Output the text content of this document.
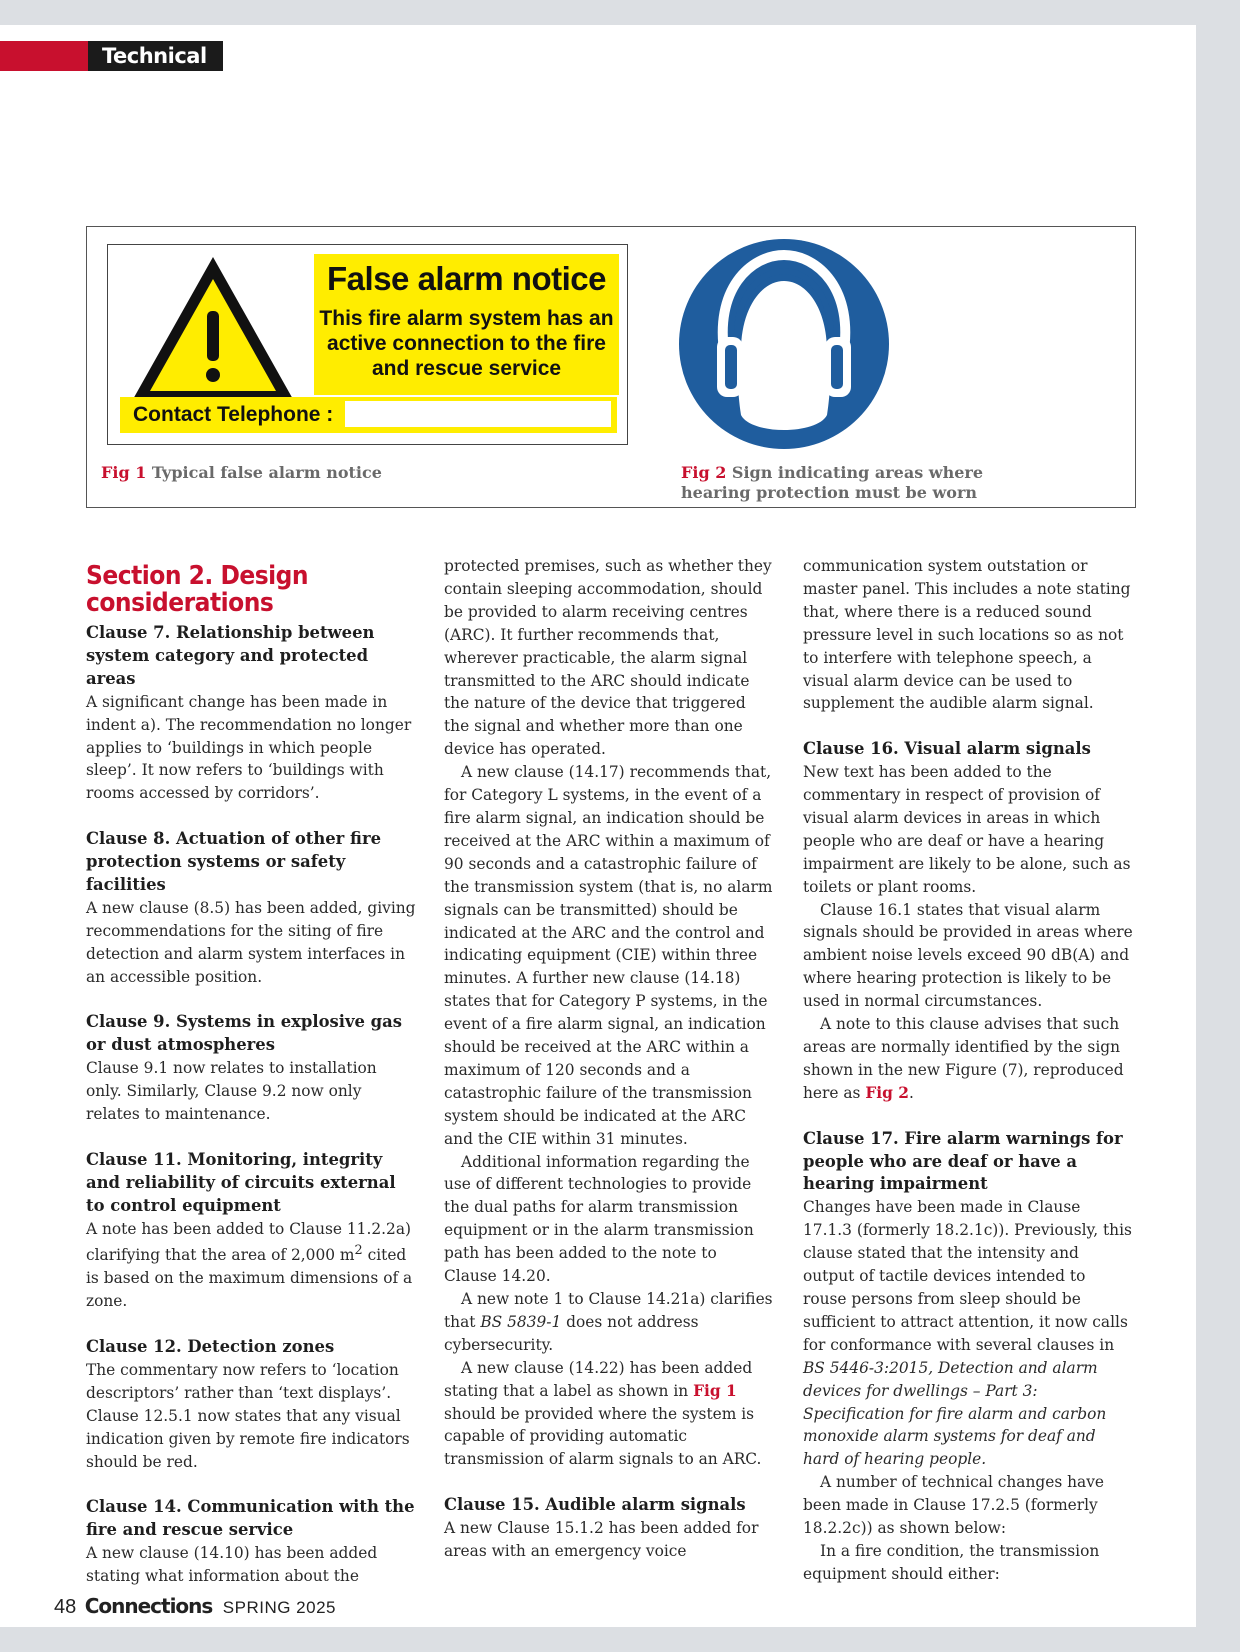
Technical
False alarm notice
This fire alarm system has an active connection to the fire and rescue service
Contact Telephone :
Fig 1 Typical false alarm notice	Fig 2 Sign indicating areas where hearing protection must be worn
Section 2. Design considerations
Clause 7. Relationship between system category and protected areas

A significant change has been made in indent a). The recommendation no longer applies to ‘buildings in which people sleep’. It now refers to ‘buildings with rooms accessed by corridors’.

Clause 8. Actuation of other fire protection systems or safety facilities

A new clause (8.5) has been added, giving recommendations for the siting of fire detection and alarm system interfaces in an accessible position.

Clause 9. Systems in explosive gas or dust atmospheres

Clause 9.1 now relates to installation only. Similarly, Clause 9.2 now only relates to maintenance.

Clause 11. Monitoring, integrity and reliability of circuits external to control equipment

A note has been added to Clause 11.2.2a) clarifying that the area of 2,000 $m^2$ cited is based on the maximum dimensions of a zone.

Clause 12. Detection zones

The commentary now refers to ‘location descriptors’ rather than ‘text displays’. Clause 12.5.1 now states that any visual indication given by remote fire indicators should be red.

Clause 14. Communication with the fire and rescue service

A new clause (14.10) has been added stating what information about the

protected premises, such as whether they contain sleeping accommodation, should be provided to alarm receiving centres (ARC). It further recommends that, wherever practicable, the alarm signal transmitted to the ARC should indicate the nature of the device that triggered the signal and whether more than one device has operated.

A new clause (14.17) recommends that, for Category L systems, in the event of a fire alarm signal, an indication should be received at the ARC within a maximum of 90 seconds and a catastrophic failure of the transmission system (that is, no alarm signals can be transmitted) should be indicated at the ARC and the control and indicating equipment (CIE) within three minutes. A further new clause (14.18) states that for Category P systems, in the event of a fire alarm signal, an indication should be received at the ARC within a maximum of 120 seconds and a catastrophic failure of the transmission system should be indicated at the ARC and the CIE within 31 minutes.

Additional information regarding the use of different technologies to provide the dual paths for alarm transmission equipment or in the alarm transmission path has been added to the note to Clause 14.20.

A new note 1 to Clause 14.21a) clarifies that BS 5839-1 does not address cybersecurity.

A new clause (14.22) has been added stating that a label as shown in Fig 1 should be provided where the system is capable of providing automatic transmission of alarm signals to an ARC.

Clause 15. Audible alarm signals

A new Clause 15.1.2 has been added for areas with an emergency voice

communication system outstation or master panel. This includes a note stating that, where there is a reduced sound pressure level in such locations so as not to interfere with telephone speech, a visual alarm device can be used to supplement the audible alarm signal.

Clause 16. Visual alarm signals

New text has been added to the commentary in respect of provision of visual alarm devices in areas in which people who are deaf or have a hearing impairment are likely to be alone, such as toilets or plant rooms.

Clause 16.1 states that visual alarm signals should be provided in areas where ambient noise levels exceed 90 dB(A) and where hearing protection is likely to be used in normal circumstances.

A note to this clause advises that such areas are normally identified by the sign shown in the new Figure (7), reproduced here as Fig 2.

Clause 17. Fire alarm warnings for people who are deaf or have a hearing impairment

Changes have been made in Clause 17.1.3 (formerly 18.2.1c)). Previously, this clause stated that the intensity and output of tactile devices intended to rouse persons from sleep should be sufficient to attract attention, it now calls for conformance with several clauses in BS 5446-3:2015, Detection and alarm devices for dwellings – Part 3: Specification for fire alarm and carbon monoxide alarm systems for deaf and hard of hearing people.

A number of technical changes have been made in Clause 17.2.5 (formerly 18.2.2c)) as shown below:

In a fire condition, the transmission equipment should either:

48 Connections SPRING 2025
